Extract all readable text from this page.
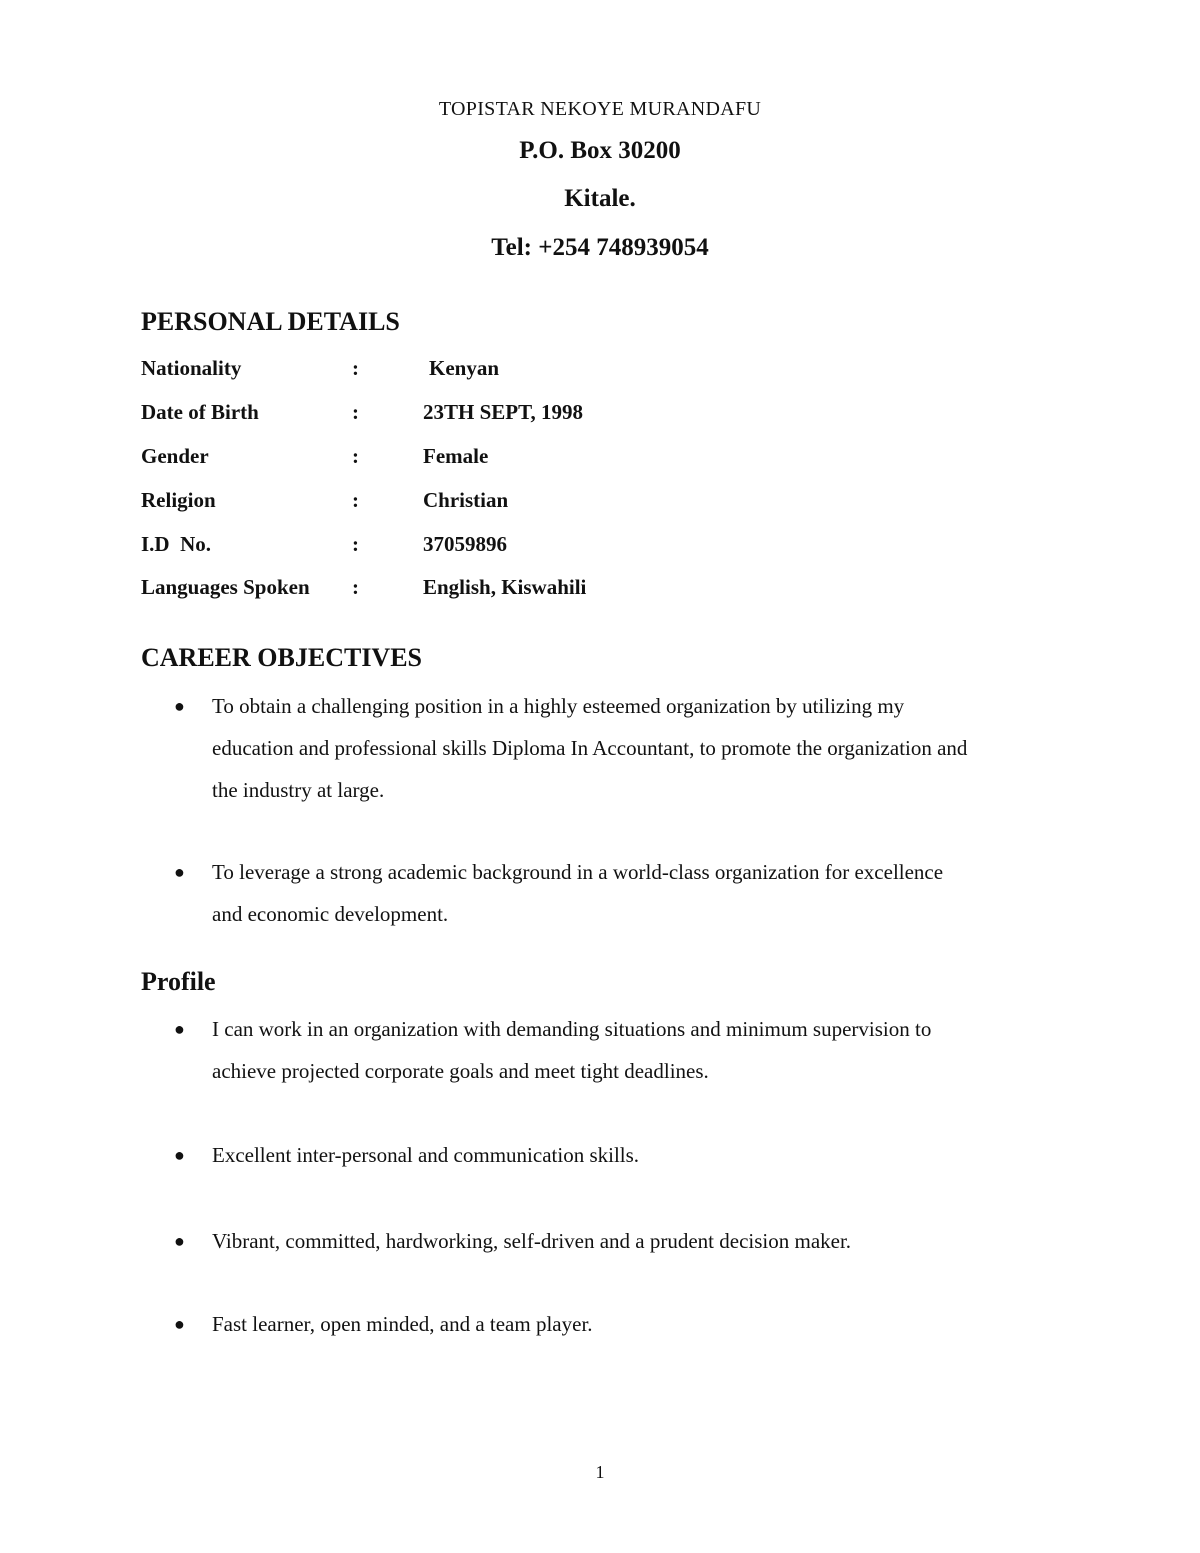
TOPISTAR NEKOYE MURANDAFU
P.O. Box 30200
Kitale.
Tel: +254 748939054
PERSONAL DETAILS
Nationality	:	Kenyan
Date of Birth	:	23TH SEPT, 1998
Gender	:	Female
Religion	:	Christian
I.D  No.	:	37059896
Languages Spoken :	English, Kiswahili
CAREER OBJECTIVES
● To obtain a challenging position in a highly esteemed organization by utilizing my
education and professional skills Diploma In Accountant, to promote the organization and
the industry at large.
● To leverage a strong academic background in a world-class organization for excellence
and economic development.
Profile
● I can work in an organization with demanding situations and minimum supervision to
achieve projected corporate goals and meet tight deadlines.
● Excellent inter-personal and communication skills.
● Vibrant, committed, hardworking, self-driven and a prudent decision maker.
● Fast learner, open minded, and a team player.
1
